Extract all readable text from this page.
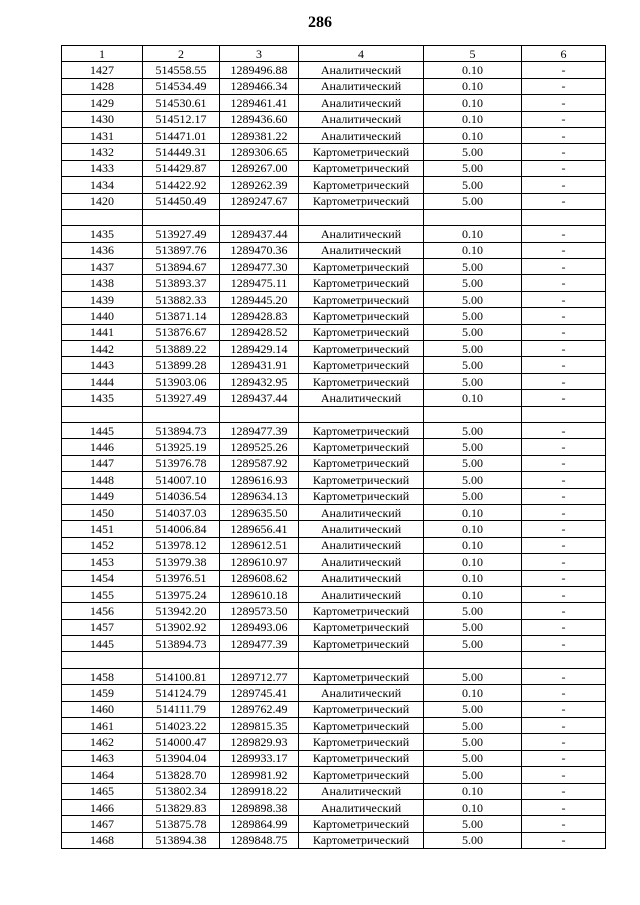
286
1	2	3	4	5	6
1427	514558.55	1289496.88	Аналитический	0.10	-
1428	514534.49	1289466.34	Аналитический	0.10	-
1429	514530.61	1289461.41	Аналитический	0.10	-
1430	514512.17	1289436.60	Аналитический	0.10	-
1431	514471.01	1289381.22	Аналитический	0.10	-
1432	514449.31	1289306.65	Картометрический	5.00	-
1433	514429.87	1289267.00	Картометрический	5.00	-
1434	514422.92	1289262.39	Картометрический	5.00	-
1420	514450.49	1289247.67	Картометрический	5.00	-

1435	513927.49	1289437.44	Аналитический	0.10	-
1436	513897.76	1289470.36	Аналитический	0.10	-
1437	513894.67	1289477.30	Картометрический	5.00	-
1438	513893.37	1289475.11	Картометрический	5.00	-
1439	513882.33	1289445.20	Картометрический	5.00	-
1440	513871.14	1289428.83	Картометрический	5.00	-
1441	513876.67	1289428.52	Картометрический	5.00	-
1442	513889.22	1289429.14	Картометрический	5.00	-
1443	513899.28	1289431.91	Картометрический	5.00	-
1444	513903.06	1289432.95	Картометрический	5.00	-
1435	513927.49	1289437.44	Аналитический	0.10	-

1445	513894.73	1289477.39	Картометрический	5.00	-
1446	513925.19	1289525.26	Картометрический	5.00	-
1447	513976.78	1289587.92	Картометрический	5.00	-
1448	514007.10	1289616.93	Картометрический	5.00	-
1449	514036.54	1289634.13	Картометрический	5.00	-
1450	514037.03	1289635.50	Аналитический	0.10	-
1451	514006.84	1289656.41	Аналитический	0.10	-
1452	513978.12	1289612.51	Аналитический	0.10	-
1453	513979.38	1289610.97	Аналитический	0.10	-
1454	513976.51	1289608.62	Аналитический	0.10	-
1455	513975.24	1289610.18	Аналитический	0.10	-
1456	513942.20	1289573.50	Картометрический	5.00	-
1457	513902.92	1289493.06	Картометрический	5.00	-
1445	513894.73	1289477.39	Картометрический	5.00	-

1458	514100.81	1289712.77	Картометрический	5.00	-
1459	514124.79	1289745.41	Аналитический	0.10	-
1460	514111.79	1289762.49	Картометрический	5.00	-
1461	514023.22	1289815.35	Картометрический	5.00	-
1462	514000.47	1289829.93	Картометрический	5.00	-
1463	513904.04	1289933.17	Картометрический	5.00	-
1464	513828.70	1289981.92	Картометрический	5.00	-
1465	513802.34	1289918.22	Аналитический	0.10	-
1466	513829.83	1289898.38	Аналитический	0.10	-
1467	513875.78	1289864.99	Картометрический	5.00	-
1468	513894.38	1289848.75	Картометрический	5.00	-
